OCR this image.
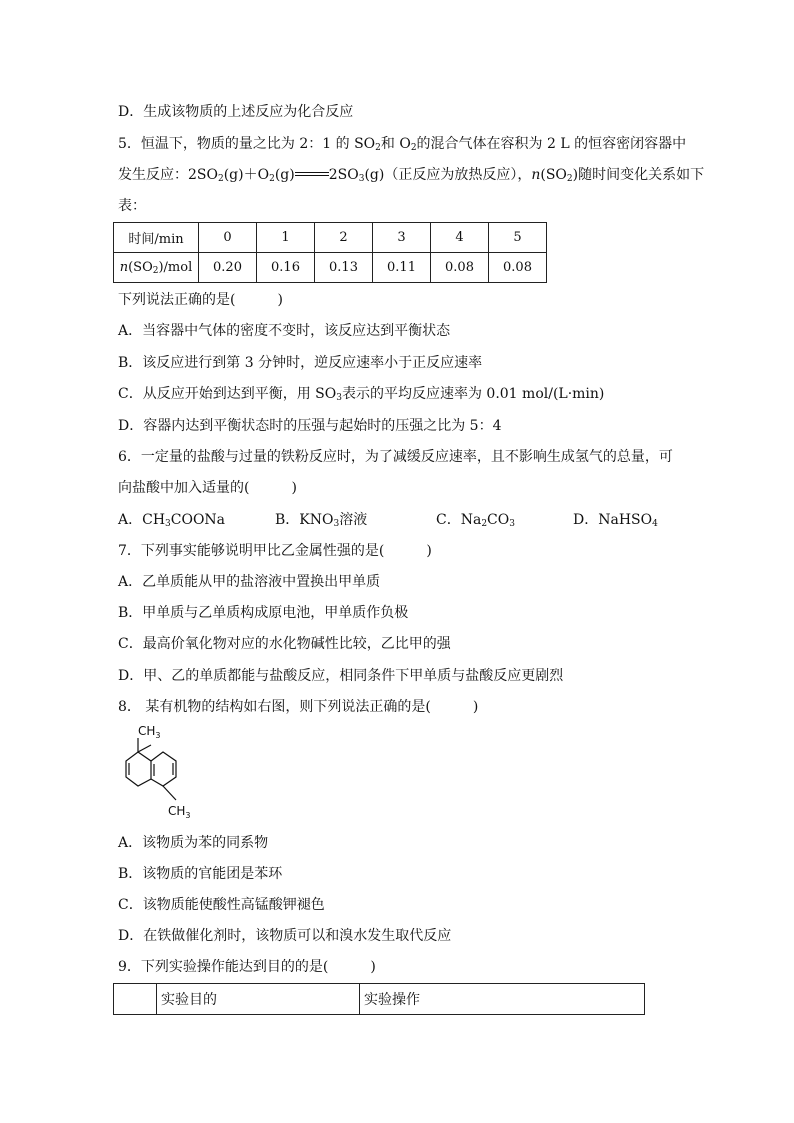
D．生成该物质的上述反应为化合反应
5．恒温下，物质的量之比为 2：1 的 $SO_2$和 $O_2$的混合气体在容积为 2 L 的恒容密闭容器中
发生反应：$2SO_2(g)+O_2(g)$ $2SO_3(g)$（正反应为放热反应），$n(SO_2)$随时间变化关系如下
表：
时间/min	0	1	2	3	4	5
$n(SO_2)$/mol	0.20	0.16	0.13	0.11	0.08	0.08
下列说法正确的是(　　　)
A．当容器中气体的密度不变时，该反应达到平衡状态
B．该反应进行到第 3 分钟时，逆反应速率小于正反应速率
C．从反应开始到达到平衡，用 $SO_3$表示的平均反应速率为 0.01 mol/(L·min)
D．容器内达到平衡状态时的压强与起始时的压强之比为 5：4
6．一定量的盐酸与过量的铁粉反应时，为了减缓反应速率，且不影响生成氢气的总量，可
向盐酸中加入适量的(　　　)
A．$CH_3COONa$	B．$KNO_3$溶液	C．$Na_2CO_3$	D．NaHSO$_4$
7．下列事实能够说明甲比乙金属性强的是(　　　)
A．乙单质能从甲的盐溶液中置换出甲单质
B．甲单质与乙单质构成原电池，甲单质作负极
C．最高价氧化物对应的水化物碱性比较，乙比甲的强
D．甲、乙的单质都能与盐酸反应，相同条件下甲单质与盐酸反应更剧烈
8． 某有机物的结构如右图，则下列说法正确的是(　　　)
$CH_3$
$CH_3$
A．该物质为苯的同系物
B．该物质的官能团是苯环
C．该物质能使酸性高锰酸钾褪色
D．在铁做催化剂时，该物质可以和溴水发生取代反应
9．下列实验操作能达到目的的是(　　　)
	实验目的	实验操作
